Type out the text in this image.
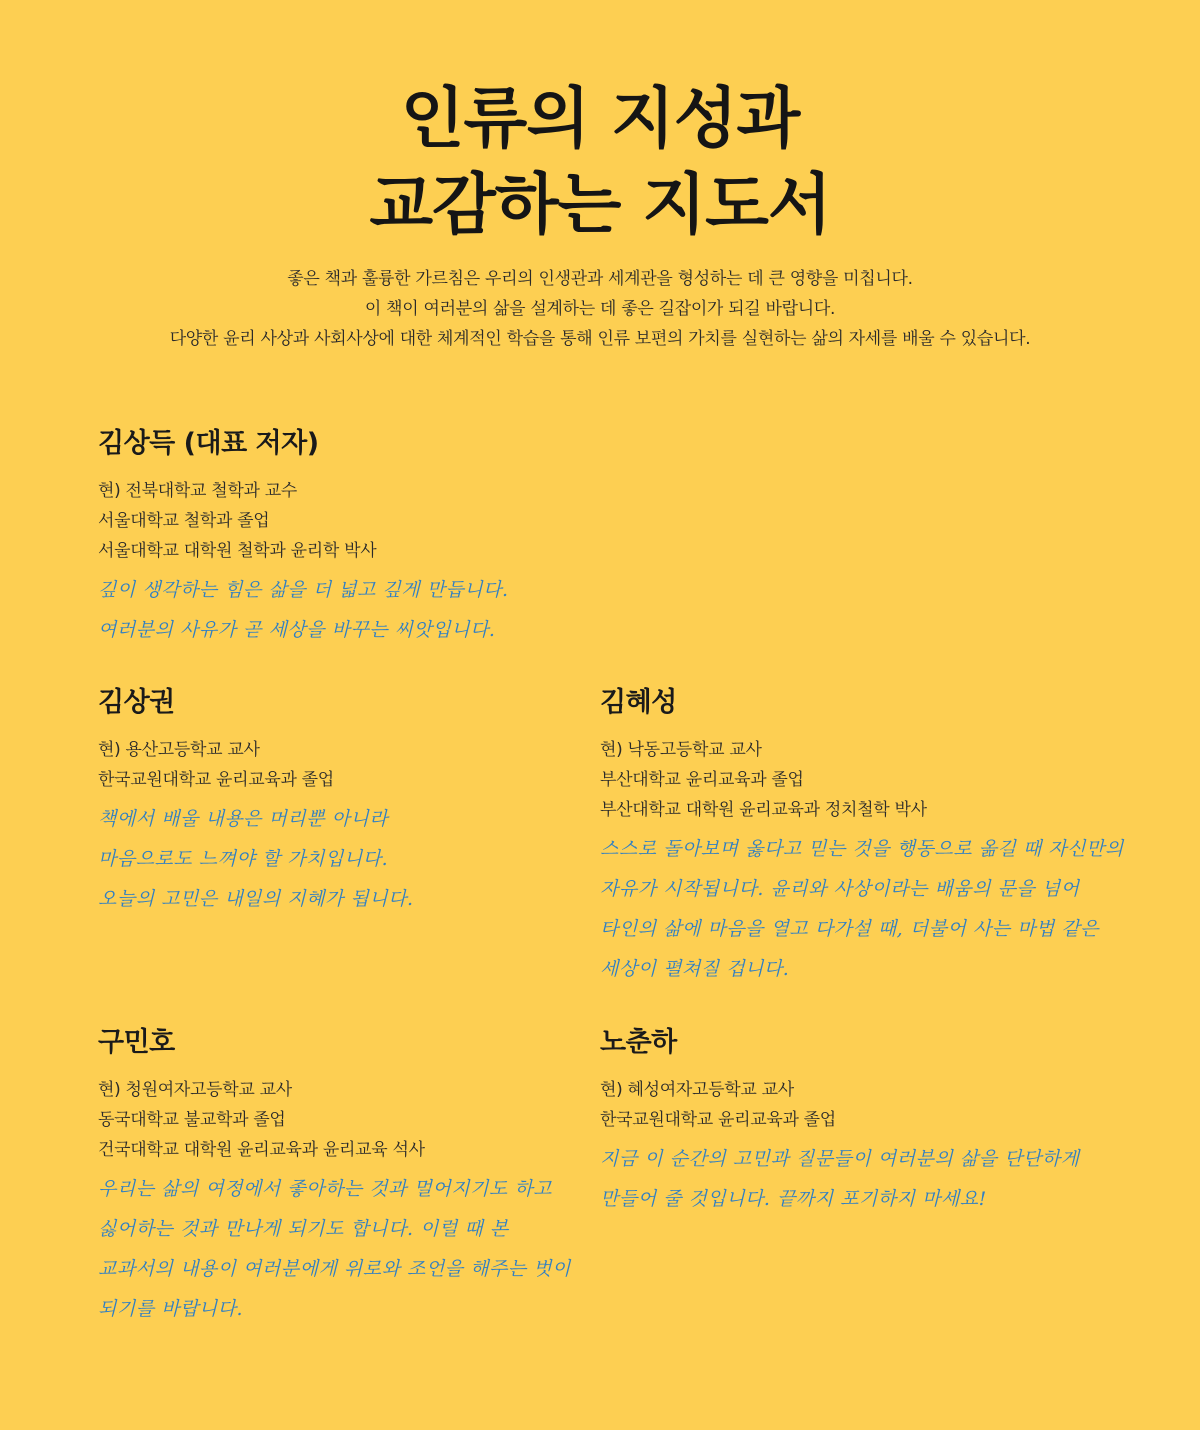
인류의 지성과
교감하는 지도서

좋은 책과 훌륭한 가르침은 우리의 인생관과 세계관을 형성하는 데 큰 영향을 미칩니다.

이 책이 여러분의 삶을 설계하는 데 좋은 길잡이가 되길 바랍니다.

다양한 윤리 사상과 사회사상에 대한 체계적인 학습을 통해 인류 보편의 가치를 실현하는 삶의 자세를 배울 수 있습니다.

김상득 (대표 저자)
현) 전북대학교 철학과 교수
서울대학교 철학과 졸업
서울대학교 대학원 철학과 윤리학 박사
깊이 생각하는 힘은 삶을 더 넓고 깊게 만듭니다.
여러분의 사유가 곧 세상을 바꾸는 씨앗입니다.
김상권
현) 용산고등학교 교사
한국교원대학교 윤리교육과 졸업
책에서 배울 내용은 머리뿐 아니라
마음으로도 느껴야 할 가치입니다.
오늘의 고민은 내일의 지혜가 됩니다.
김혜성
현) 낙동고등학교 교사
부산대학교 윤리교육과 졸업
부산대학교 대학원 윤리교육과 정치철학 박사
스스로 돌아보며 옳다고 믿는 것을 행동으로 옮길 때 자신만의
자유가 시작됩니다. 윤리와 사상이라는 배움의 문을 넘어
타인의 삶에 마음을 열고 다가설 때, 더불어 사는 마법 같은
세상이 펼쳐질 겁니다.
구민호
현) 청원여자고등학교 교사
동국대학교 불교학과 졸업
건국대학교 대학원 윤리교육과 윤리교육 석사
우리는 삶의 여정에서 좋아하는 것과 멀어지기도 하고
싫어하는 것과 만나게 되기도 합니다. 이럴 때 본
교과서의 내용이 여러분에게 위로와 조언을 해주는 벗이
되기를 바랍니다.
노춘하
현) 혜성여자고등학교 교사
한국교원대학교 윤리교육과 졸업
지금 이 순간의 고민과 질문들이 여러분의 삶을 단단하게
만들어 줄 것입니다. 끝까지 포기하지 마세요!
